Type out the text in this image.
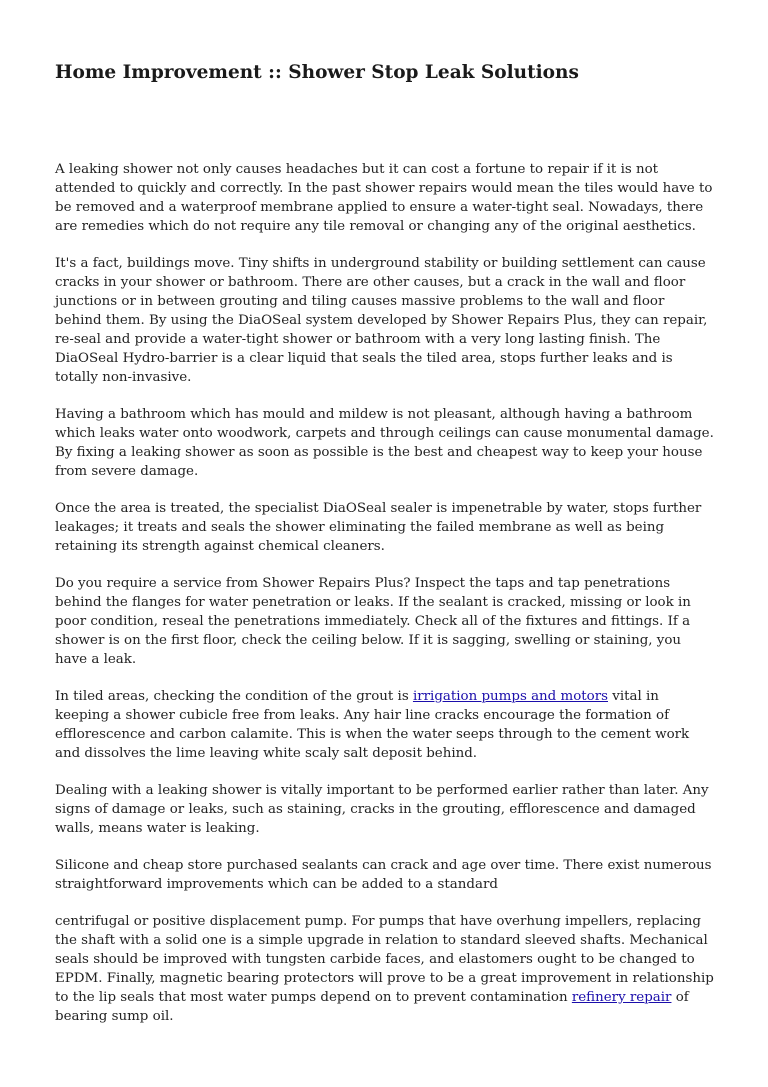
Home Improvement :: Shower Stop Leak Solutions

A leaking shower not only causes headaches but it can cost a fortune to repair if it is not attended to quickly and correctly. In the past shower repairs would mean the tiles would have to be removed and a waterproof membrane applied to ensure a water-tight seal. Nowadays, there are remedies which do not require any tile removal or changing any of the original aesthetics.

It's a fact, buildings move. Tiny shifts in underground stability or building settlement can cause cracks in your shower or bathroom. There are other causes, but a crack in the wall and floor junctions or in between grouting and tiling causes massive problems to the wall and floor behind them. By using the DiaOSeal system developed by Shower Repairs Plus, they can repair, re-seal and provide a water-tight shower or bathroom with a very long lasting finish. The DiaOSeal Hydro-barrier is a clear liquid that seals the tiled area, stops further leaks and is totally non-invasive.

Having a bathroom which has mould and mildew is not pleasant, although having a bathroom which leaks water onto woodwork, carpets and through ceilings can cause monumental damage. By fixing a leaking shower as soon as possible is the best and cheapest way to keep your house from severe damage.

Once the area is treated, the specialist DiaOSeal sealer is impenetrable by water, stops further leakages; it treats and seals the shower eliminating the failed membrane as well as being retaining its strength against chemical cleaners.

Do you require a service from Shower Repairs Plus? Inspect the taps and tap penetrations behind the flanges for water penetration or leaks. If the sealant is cracked, missing or look in poor condition, reseal the penetrations immediately. Check all of the fixtures and fittings. If a shower is on the first floor, check the ceiling below. If it is sagging, swelling or staining, you have a leak.

In tiled areas, checking the condition of the grout is irrigation pumps and motors vital in keeping a shower cubicle free from leaks. Any hair line cracks encourage the formation of efflorescence and carbon calamite. This is when the water seeps through to the cement work and dissolves the lime leaving white scaly salt deposit behind.

Dealing with a leaking shower is vitally important to be performed earlier rather than later. Any signs of damage or leaks, such as staining, cracks in the grouting, efflorescence and damaged walls, means water is leaking.

Silicone and cheap store purchased sealants can crack and age over time. There exist numerous straightforward improvements which can be added to a standard

centrifugal or positive displacement pump. For pumps that have overhung impellers, replacing the shaft with a solid one is a simple upgrade in relation to standard sleeved shafts. Mechanical seals should be improved with tungsten carbide faces, and elastomers ought to be changed to EPDM. Finally, magnetic bearing protectors will prove to be a great improvement in relationship to the lip seals that most water pumps depend on to prevent contamination refinery repair of bearing sump oil.
